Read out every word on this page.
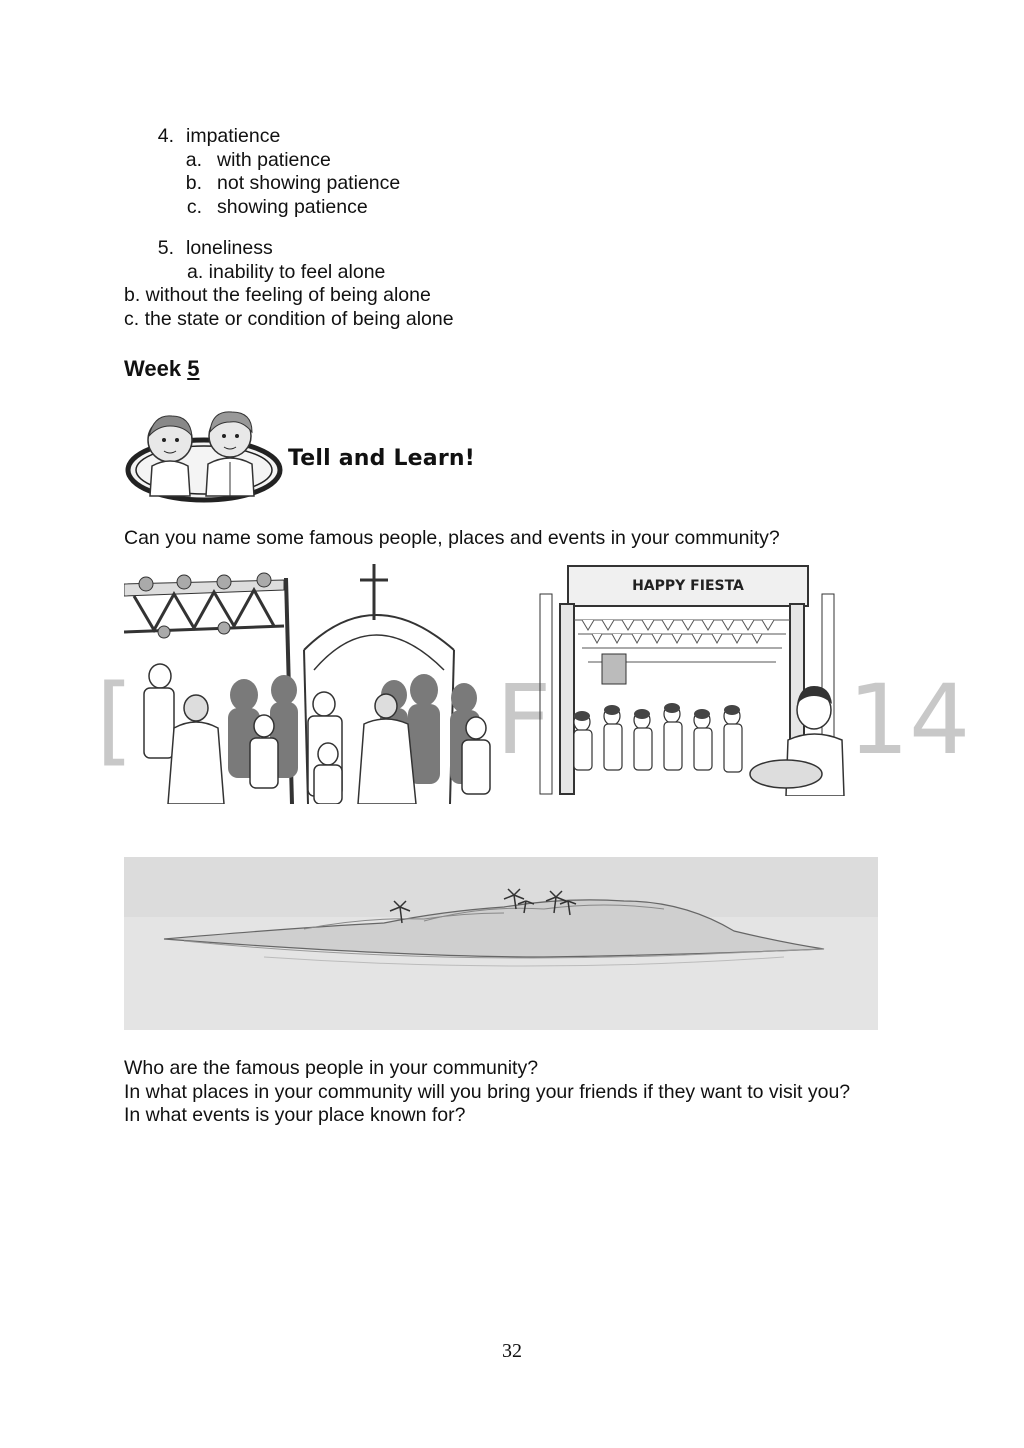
4. impatience
a. with patience
b. not showing patience
c. showing patience
5. loneliness
a. inability to feel alone
b. without the feeling of being alone
c. the state or condition of being alone
Week 5
Tell and Learn!
Can you name some famous people, places and events in your community?
[	F	14
HAPPY FIESTA
Who are the famous people in your community?
In what places in your community will you bring your friends if they want to visit you?
In what events is your place known for?
32
